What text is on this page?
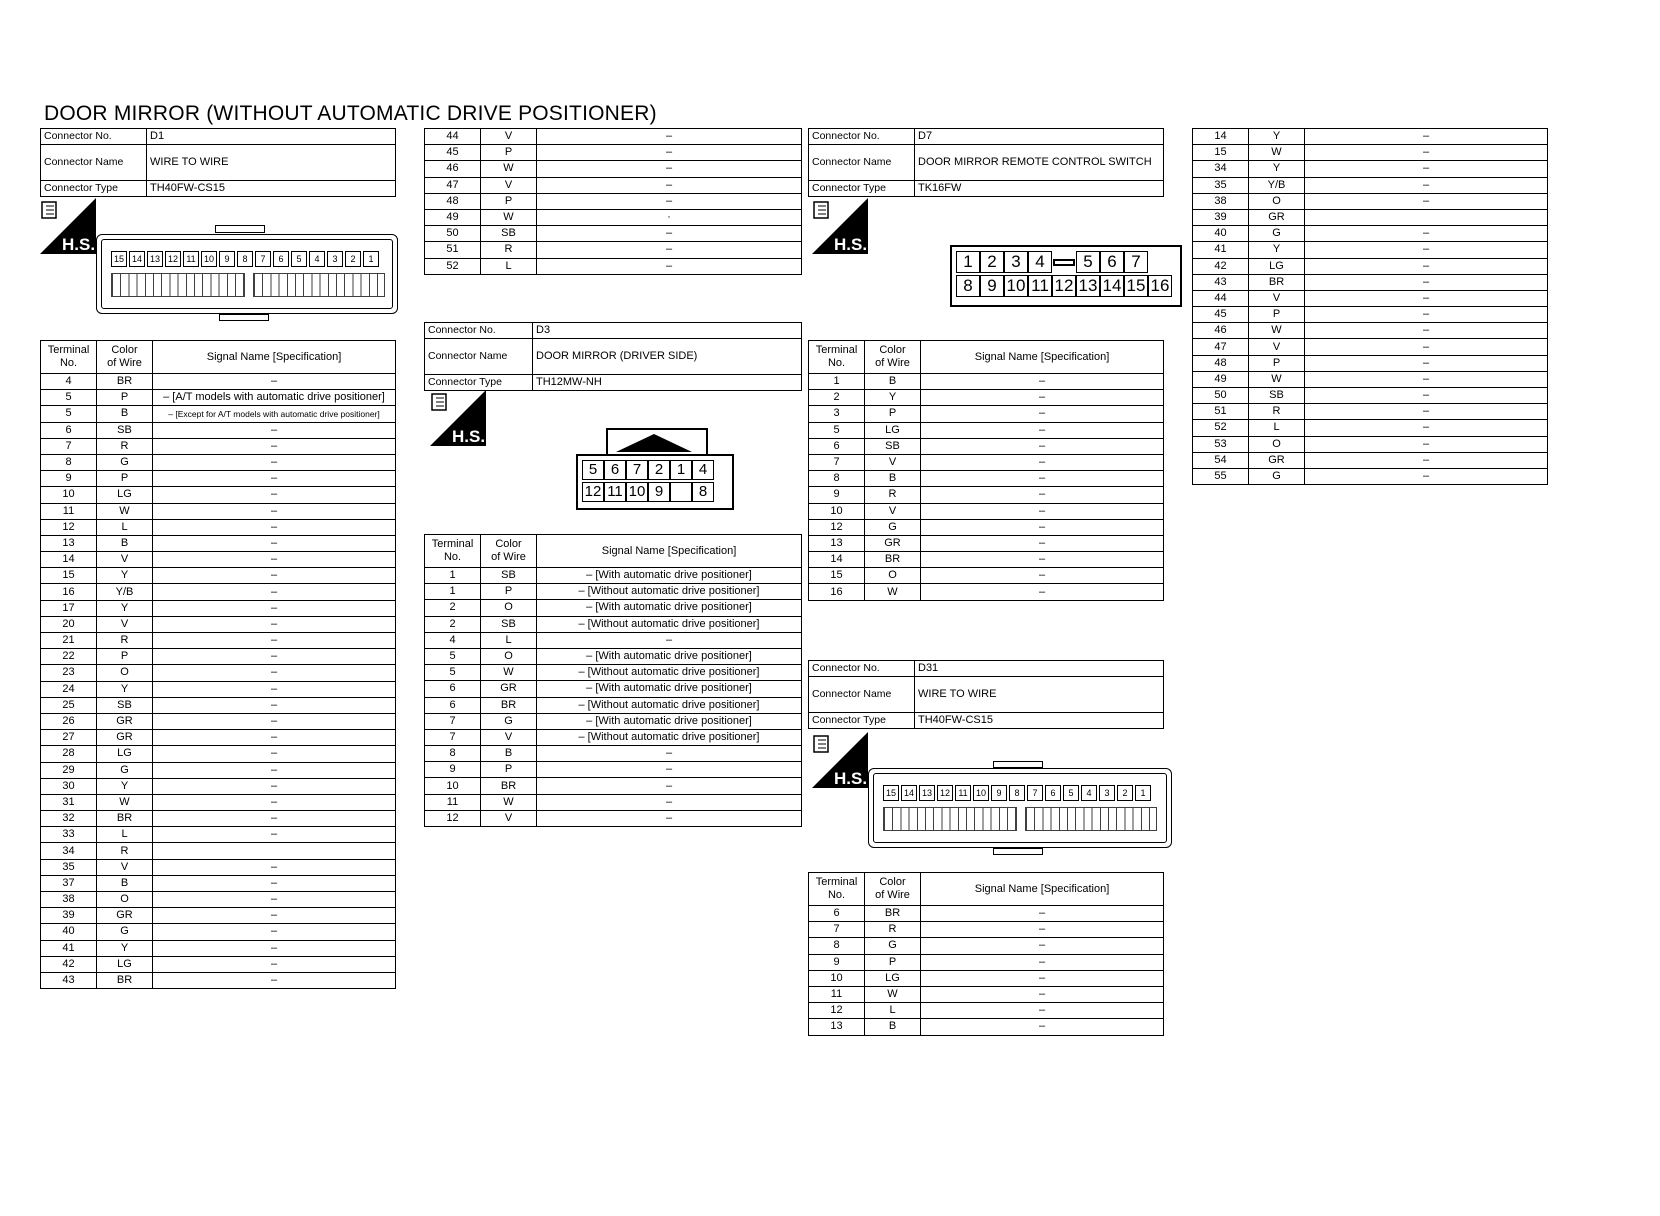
DOOR MIRROR (WITHOUT AUTOMATIC DRIVE POSITIONER)
Connector No.	D1
Connector Name	WIRE TO WIRE
Connector Type	TH40FW-CS15
H.S.
H.S.
H.S.
H.S.
15 14 13 12 11 10	9	8	7	6	5	4	3	2	1
Terminal
No.	Color
of Wire	Signal Name [Specification]
4	BR	–
5	P	– [A/T models with automatic drive positioner]
5	B	– [Except for A/T models with automatic drive positioner]
6	SB	–
7	R	–
8	G	–
9	P	–
10	LG	–
11	W	–
12	L	–
13	B	–
14	V	–
15	Y	–
16	Y/B	–
17	Y	–
20	V	–
21	R	–
22	P	–
23	O	–
24	Y	–
25	SB	–
26	GR	–
27	GR	–
28	LG	–
29	G	–
30	Y	–
31	W	–
32	BR	–
33	L	–
34	R	
35	V	–
37	B	–
38	O	–
39	GR	–
40	G	–
41	Y	–
42	LG	–
43	BR	–
44	V	–
45	P	–
46	W	–
47	V	–
48	P	–
49	W	·
50	SB	–
51	R	–
52	L	–
Connector No.	D3
Connector Name	DOOR MIRROR (DRIVER SIDE)
Connector Type	TH12MW-NH
5 6 7 2 1 4
12 11 10 9	8
Terminal
No.	Color
of Wire	Signal Name [Specification]
1	SB	– [With automatic drive positioner]
1	P	– [Without automatic drive positioner]
2	O	– [With automatic drive positioner]
2	SB	– [Without automatic drive positioner]
4	L	–
5	O	– [With automatic drive positioner]
5	W	– [Without automatic drive positioner]
6	GR	– [With automatic drive positioner]
6	BR	– [Without automatic drive positioner]
7	G	– [With automatic drive positioner]
7	V	– [Without automatic drive positioner]
8	B	–
9	P	–
10	BR	–
11	W	–
12	V	–
Connector No.	D7
Connector Name	DOOR MIRROR REMOTE CONTROL SWITCH
Connector Type	TK16FW
1 2 3 4	5 6 7
8 9 10 11 12 13 14 15 16
Terminal
No.	Color
of Wire	Signal Name [Specification]
1	B	–
2	Y	–
3	P	–
5	LG	–
6	SB	–
7	V	–
8	B	–
9	R	–
10	V	–
12	G	–
13	GR	–
14	BR	–
15	O	–
16	W	–
Connector No.	D31
Connector Name	WIRE TO WIRE
Connector Type	TH40FW-CS15
15 14 13 12 11 10	9	8	7	6	5	4	3	2	1
Terminal
No.	Color
of Wire	Signal Name [Specification]
6	BR	–
7	R	–
8	G	–
9	P	–
10	LG	–
11	W	–
12	L	–
13	B	–
14	Y	–
15	W	–
34	Y	–
35	Y/B	–
38	O	–
39	GR	
40	G	–
41	Y	–
42	LG	–
43	BR	–
44	V	–
45	P	–
46	W	–
47	V	–
48	P	–
49	W	–
50	SB	–
51	R	–
52	L	–
53	O	–
54	GR	–
55	G	–
